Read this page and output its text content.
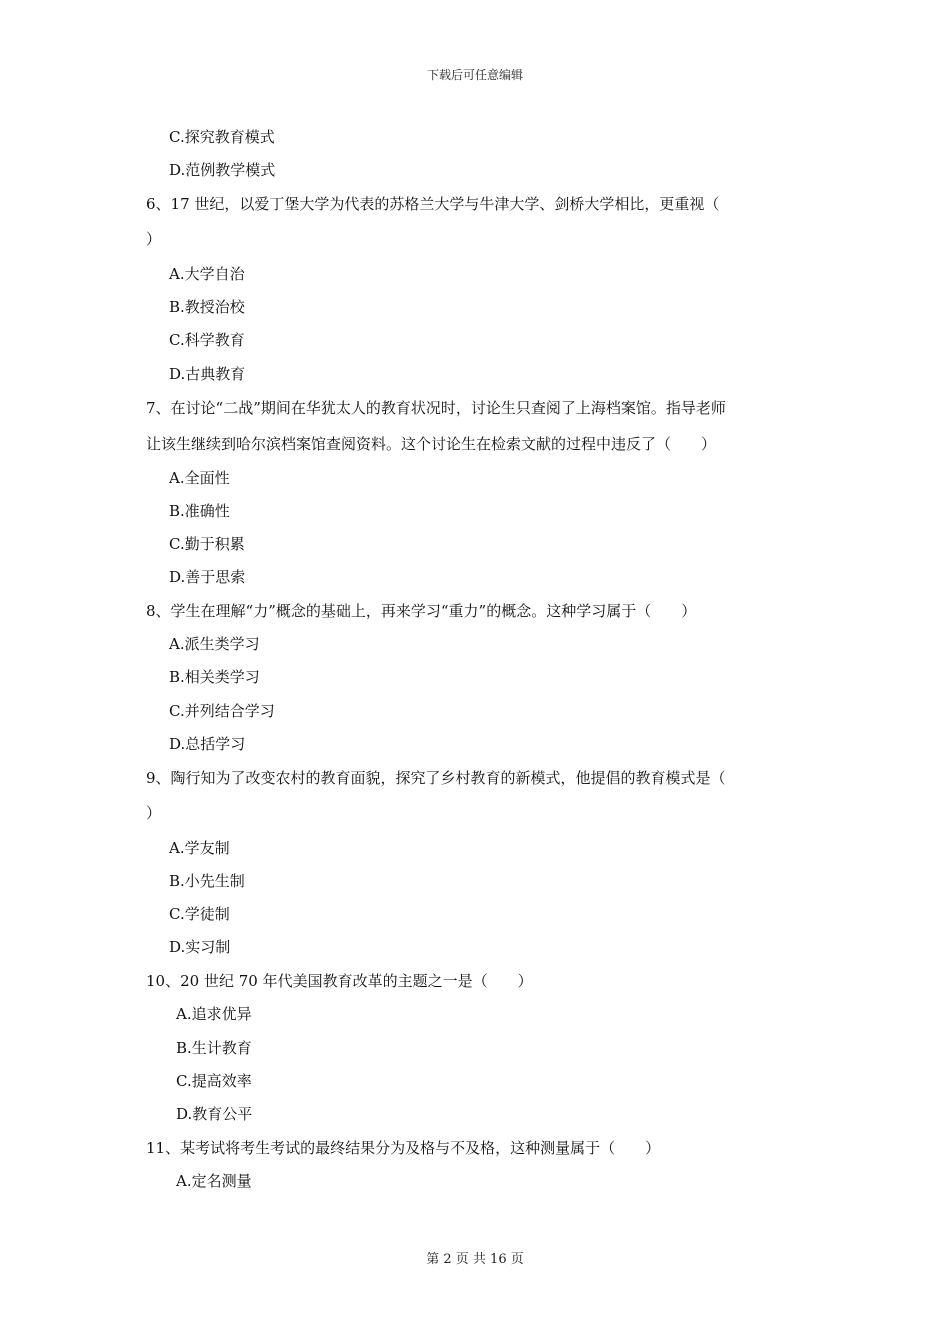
下载后可任意编辑
C.探究教育模式
D.范例教学模式
6、17 世纪，以爱丁堡大学为代表的苏格兰大学与牛津大学、剑桥大学相比，更重视（
）
A.大学自治
B.教授治校
C.科学教育
D.古典教育
7、在讨论“二战”期间在华犹太人的教育状况时，讨论生只查阅了上海档案馆。指导老师
让该生继续到哈尔滨档案馆查阅资料。这个讨论生在检索文献的过程中违反了（　　）
A.全面性
B.准确性
C.勤于积累
D.善于思索
8、学生在理解“力”概念的基础上，再来学习“重力”的概念。这种学习属于（　　）
A.派生类学习
B.相关类学习
C.并列结合学习
D.总括学习
9、陶行知为了改变农村的教育面貌，探究了乡村教育的新模式，他提倡的教育模式是（
）
A.学友制
B.小先生制
C.学徒制
D.实习制
10、20 世纪 70 年代美国教育改革的主题之一是（　　）
A.追求优异
B.生计教育
C.提高效率
D.教育公平
11、某考试将考生考试的最终结果分为及格与不及格，这种测量属于（　　）
A.定名测量
第 2 页 共 16 页
